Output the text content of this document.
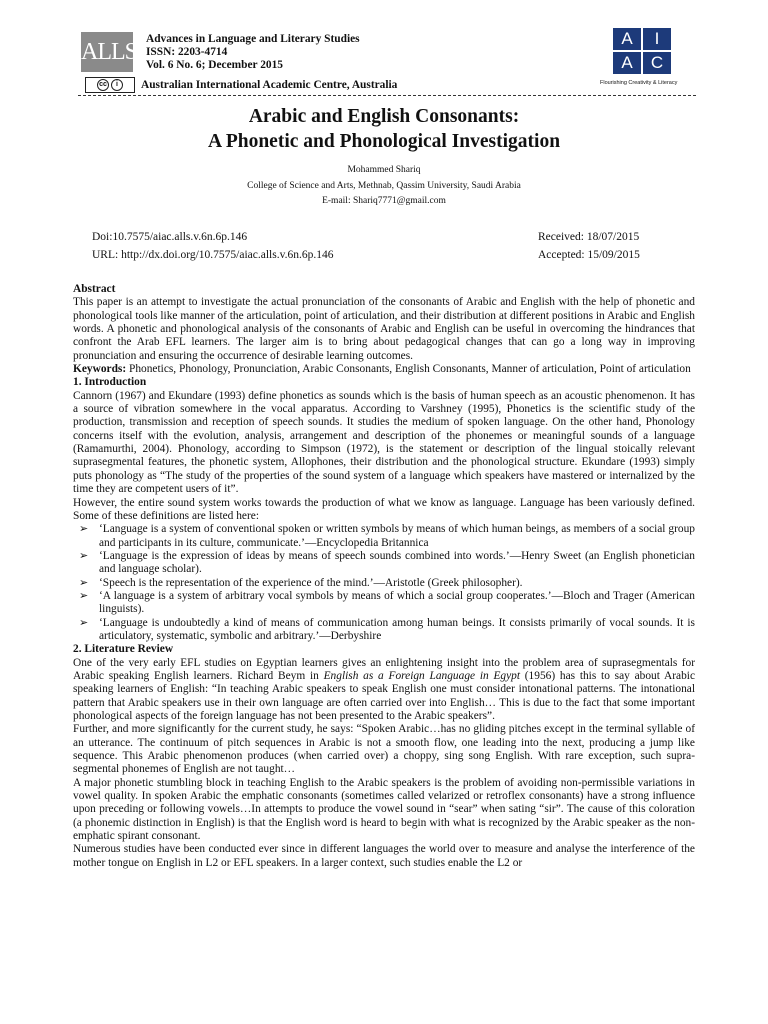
ALLS Advances in Language and Literary Studies
ISSN: 2203-4714
Vol. 6 No. 6; December 2015
cc	i	Australian International Academic Centre, Australia
A	I
A	C
Flourishing Creativity & Literacy
Arabic and English Consonants:
A Phonetic and Phonological Investigation
Mohammed Shariq
College of Science and Arts, Methnab, Qassim University, Saudi Arabia
E-mail: Shariq7771@gmail.com
Doi:10.7575/aiac.alls.v.6n.6p.146
URL: http://dx.doi.org/10.7575/aiac.alls.v.6n.6p.146
Received: 18/07/2015
Accepted: 15/09/2015
Abstract

This paper is an attempt to investigate the actual pronunciation of the consonants of Arabic and English with the help of phonetic and phonological tools like manner of the articulation, point of articulation, and their distribution at different positions in Arabic and English words. A phonetic and phonological analysis of the consonants of Arabic and English can be useful in overcoming the hindrances that confront the Arab EFL learners. The larger aim is to bring about pedagogical changes that can go a long way in improving pronunciation and ensuring the occurrence of desirable learning outcomes.

Keywords: Phonetics, Phonology, Pronunciation, Arabic Consonants, English Consonants, Manner of articulation, Point of articulation

1. Introduction

Cannorn (1967) and Ekundare (1993) define phonetics as sounds which is the basis of human speech as an acoustic phenomenon. It has a source of vibration somewhere in the vocal apparatus. According to Varshney (1995), Phonetics is the scientific study of the production, transmission and reception of speech sounds. It studies the medium of spoken language. On the other hand, Phonology concerns itself with the evolution, analysis, arrangement and description of the phonemes or meaningful sounds of a language (Ramamurthi, 2004). Phonology, according to Simpson (1972), is the statement or description of the lingual stoically relevant suprasegmental features, the phonetic system, Allophones, their distribution and the phonological structure. Ekundare (1993) simply puts phonology as “The study of the properties of the sound system of a language which speakers have mastered or internalized by the time they are competent users of it”.

However, the entire sound system works towards the production of what we know as language. Language has been variously defined. Some of these definitions are listed here:

➢ ‘Language is a system of conventional spoken or written symbols by means of which human beings, as members of a social group and participants in its culture, communicate.’—Encyclopedia Britannica
➢ ‘Language is the expression of ideas by means of speech sounds combined into words.’—Henry Sweet (an English phonetician and language scholar).
➢ ‘Speech is the representation of the experience of the mind.’—Aristotle (Greek philosopher).
➢ ‘A language is a system of arbitrary vocal symbols by means of which a social group cooperates.’—Bloch and Trager (American linguists).
➢ ‘Language is undoubtedly a kind of means of communication among human beings. It consists primarily of vocal sounds. It is articulatory, systematic, symbolic and arbitrary.’—Derbyshire
2. Literature Review

One of the very early EFL studies on Egyptian learners gives an enlightening insight into the problem area of suprasegmentals for Arabic speaking English learners. Richard Beym in English as a Foreign Language in Egypt (1956) has this to say about Arabic speaking learners of English: “In teaching Arabic speakers to speak English one must consider intonational patterns. The intonational pattern that Arabic speakers use in their own language are often carried over into English… This is due to the fact that some important phonological aspects of the foreign language has not been presented to the Arabic speakers”.

Further, and more significantly for the current study, he says: “Spoken Arabic…has no gliding pitches except in the terminal syllable of an utterance. The continuum of pitch sequences in Arabic is not a smooth flow, one leading into the next, producing a jump like sequence. This Arabic phenomenon produces (when carried over) a choppy, sing song English. With rare exception, such supra-segmental phonemes of English are not taught…

A major phonetic stumbling block in teaching English to the Arabic speakers is the problem of avoiding non-permissible variations in vowel quality. In spoken Arabic the emphatic consonants (sometimes called velarized or retroflex consonants) have a strong influence upon preceding or following vowels…In attempts to produce the vowel sound in “sear” when sating “sir”. The cause of this coloration (a phonemic distinction in English) is that the English word is heard to begin with what is recognized by the Arabic speaker as the non-emphatic spirant consonant.

Numerous studies have been conducted ever since in different languages the world over to measure and analyse the interference of the mother tongue on English in L2 or EFL speakers. In a larger context, such studies enable the L2 or
